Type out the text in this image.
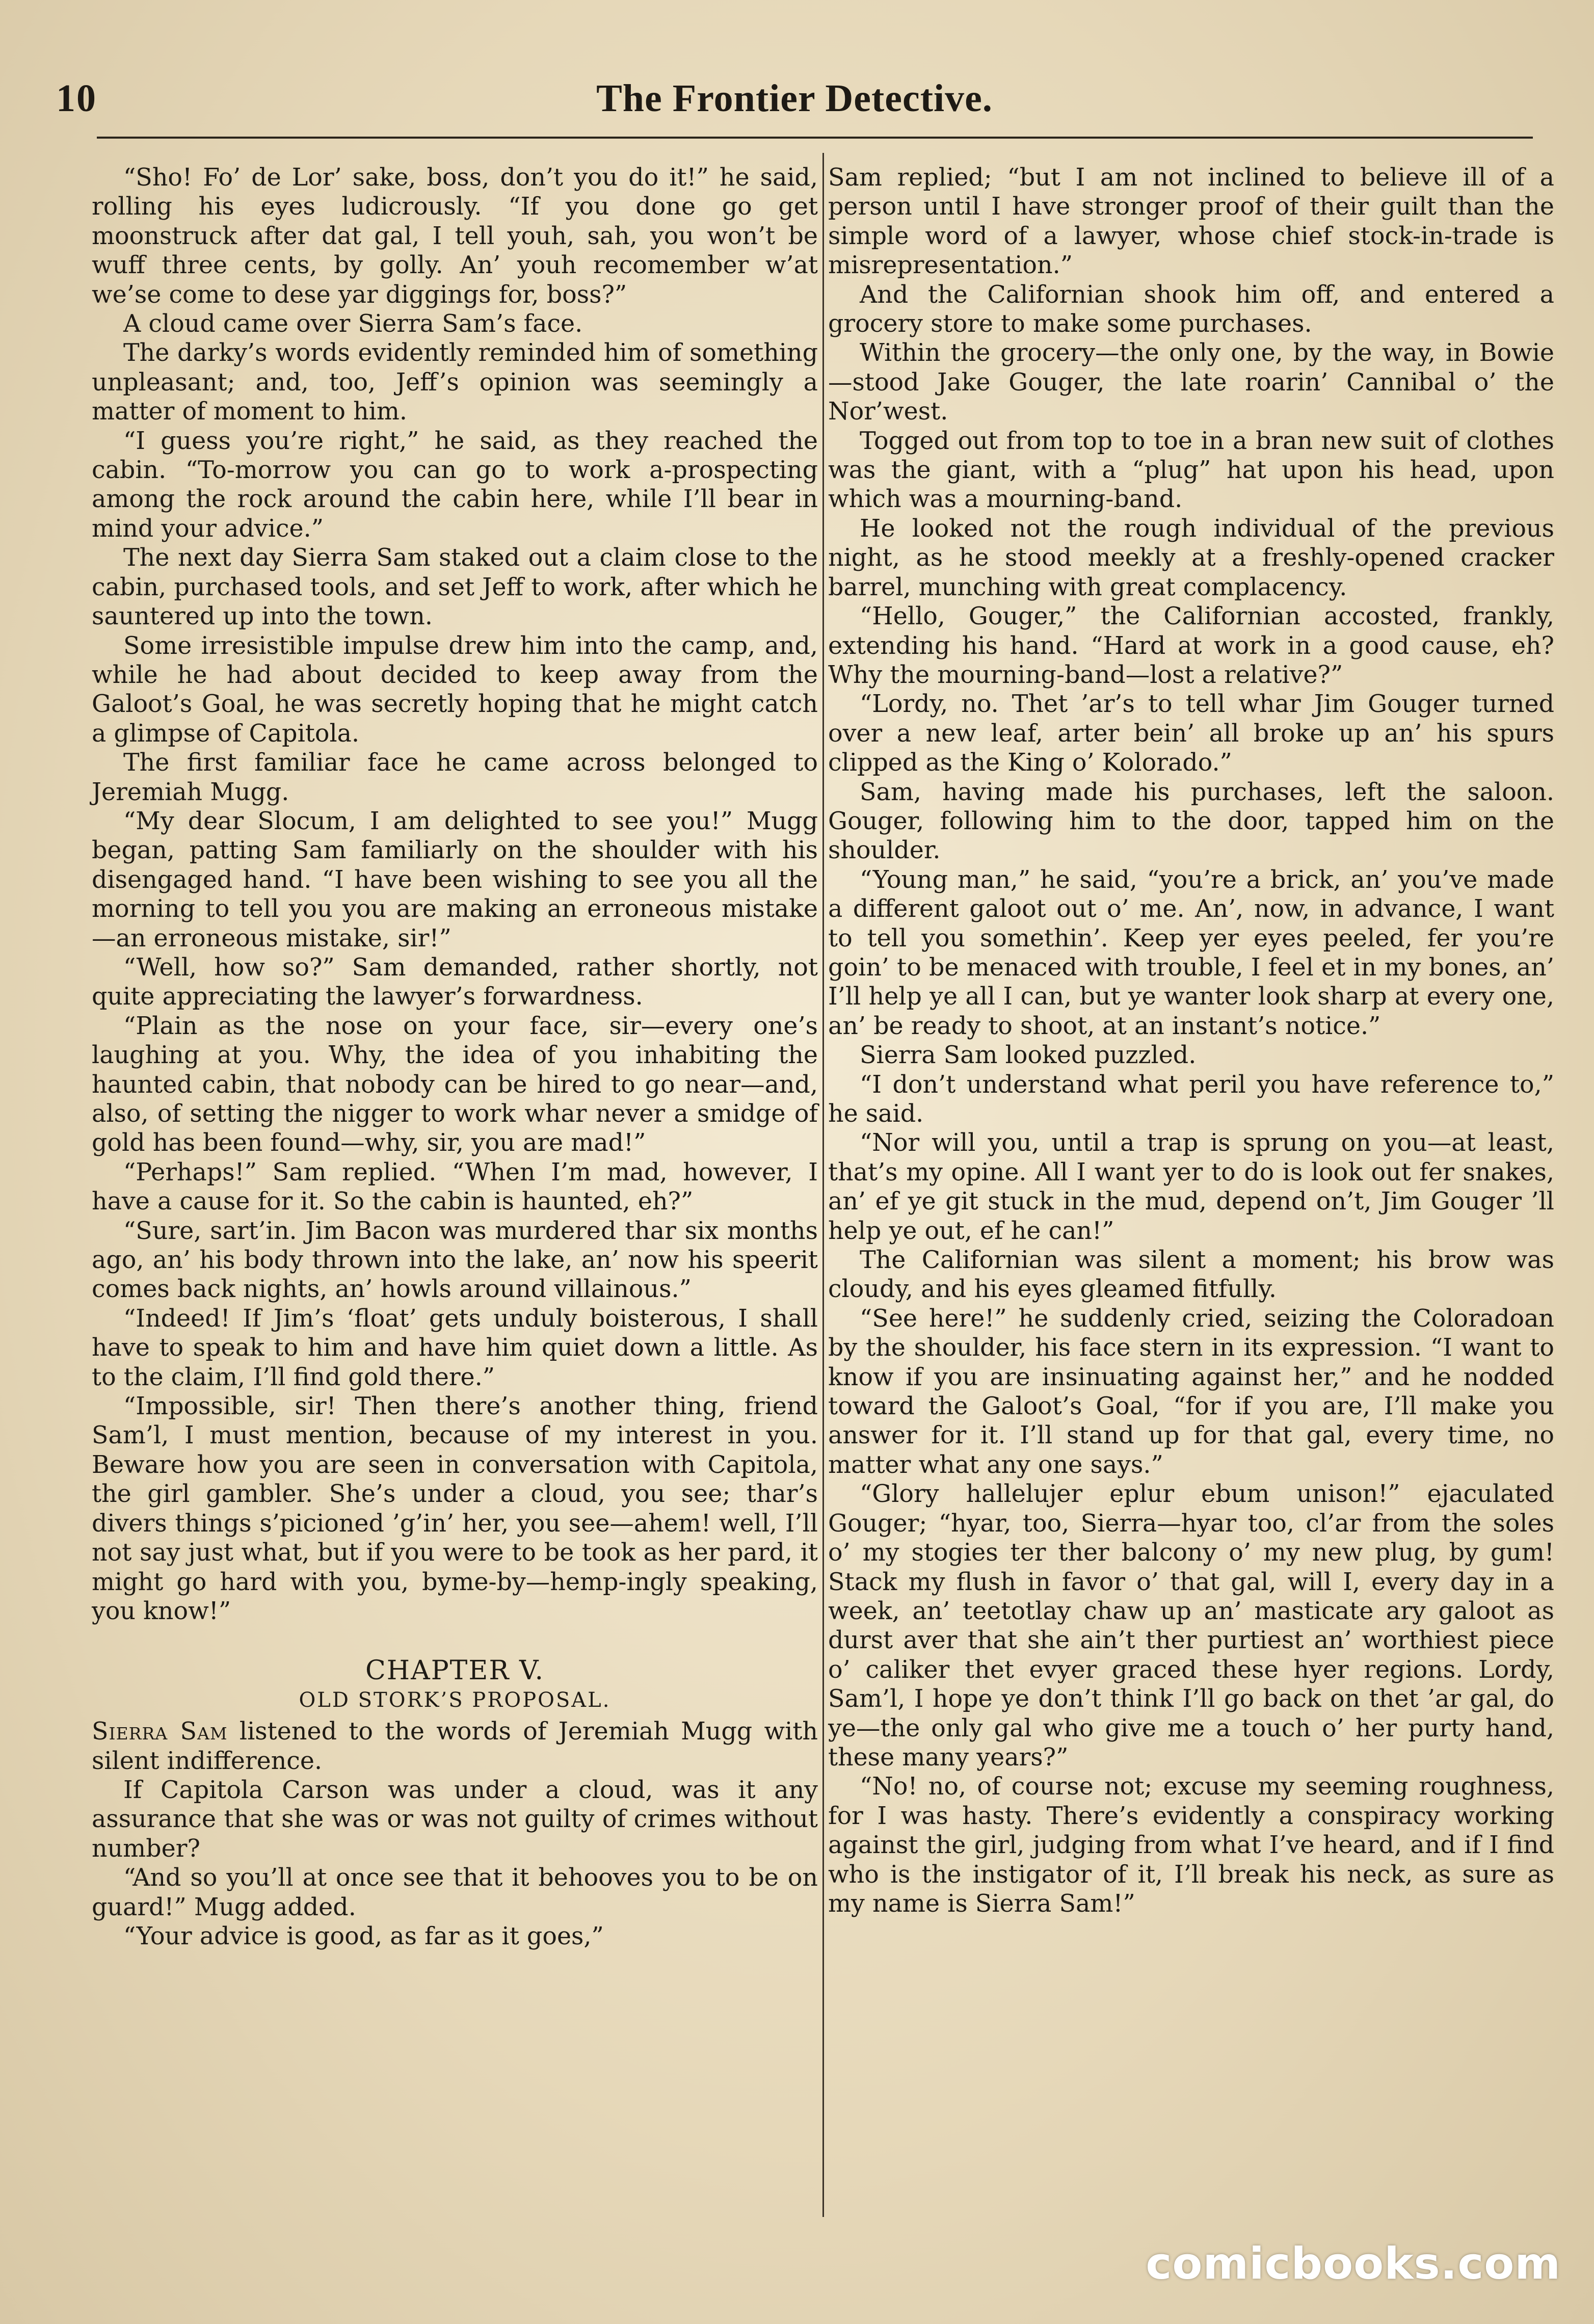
10	The Frontier Detective.

“Sho! Fo’ de Lor’ sake, boss, don’t you do it!” he said, rolling his eyes ludicrously. “If you done go get moonstruck after dat gal, I tell youh, sah, you won’t be wuff three cents, by golly. An’ youh recomember w’at we’se come to dese yar diggings for, boss?”

A cloud came over Sierra Sam’s face.

The darky’s words evidently reminded him of something unpleasant; and, too, Jeff’s opinion was seemingly a matter of moment to him.

“I guess you’re right,” he said, as they reached the cabin. “To-morrow you can go to work a-prospecting among the rock around the cabin here, while I’ll bear in mind your advice.”

The next day Sierra Sam staked out a claim close to the cabin, purchased tools, and set Jeff to work, after which he sauntered up into the town.

Some irresistible impulse drew him into the camp, and, while he had about decided to keep away from the Galoot’s Goal, he was secretly hoping that he might catch a glimpse of Capitola.

The first familiar face he came across belonged to Jeremiah Mugg.

“My dear Slocum, I am delighted to see you!” Mugg began, patting Sam familiarly on the shoulder with his disengaged hand. “I have been wishing to see you all the morning to tell you you are making an erroneous mistake—an erroneous mistake, sir!”

“Well, how so?” Sam demanded, rather shortly, not quite appreciating the lawyer’s forwardness.

“Plain as the nose on your face, sir—every one’s laughing at you. Why, the idea of you inhabiting the haunted cabin, that nobody can be hired to go near—and, also, of setting the nigger to work whar never a smidge of gold has been found—why, sir, you are mad!”

“Perhaps!” Sam replied. “When I’m mad, however, I have a cause for it. So the cabin is haunted, eh?”

“Sure, sart’in. Jim Bacon was murdered thar six months ago, an’ his body thrown into the lake, an’ now his speerit comes back nights, an’ howls around villainous.”

“Indeed! If Jim’s ‘float’ gets unduly boisterous, I shall have to speak to him and have him quiet down a little. As to the claim, I’ll find gold there.”

“Impossible, sir! Then there’s another thing, friend Sam’l, I must mention, because of my interest in you. Beware how you are seen in conversation with Capitola, the girl gambler. She’s under a cloud, you see; thar’s divers things s’picioned ’g’in’ her, you see—ahem! well, I’ll not say just what, but if you were to be took as her pard, it might go hard with you, byme-by—hemp-ingly speaking, you know!”

CHAPTER V.

OLD STORK’S PROPOSAL.

Sierra Sam listened to the words of Jeremiah Mugg with silent indifference.

If Capitola Carson was under a cloud, was it any assurance that she was or was not guilty of crimes without number?

“And so you’ll at once see that it behooves you to be on guard!” Mugg added.

“Your advice is good, as far as it goes,”

Sam replied; “but I am not inclined to believe ill of a person until I have stronger proof of their guilt than the simple word of a lawyer, whose chief stock-in-trade is misrepresentation.”

And the Californian shook him off, and entered a grocery store to make some purchases.

Within the grocery—the only one, by the way, in Bowie—stood Jake Gouger, the late roarin’ Cannibal o’ the Nor’west.

Togged out from top to toe in a bran new suit of clothes was the giant, with a “plug” hat upon his head, upon which was a mourning-band.

He looked not the rough individual of the previous night, as he stood meekly at a freshly-opened cracker barrel, munching with great complacency.

“Hello, Gouger,” the Californian accosted, frankly, extending his hand. “Hard at work in a good cause, eh? Why the mourning-band—lost a relative?”

“Lordy, no. Thet ’ar’s to tell whar Jim Gouger turned over a new leaf, arter bein’ all broke up an’ his spurs clipped as the King o’ Kolorado.”

Sam, having made his purchases, left the saloon. Gouger, following him to the door, tapped him on the shoulder.

“Young man,” he said, “you’re a brick, an’ you’ve made a different galoot out o’ me. An’, now, in advance, I want to tell you somethin’. Keep yer eyes peeled, fer you’re goin’ to be menaced with trouble, I feel et in my bones, an’ I’ll help ye all I can, but ye wanter look sharp at every one, an’ be ready to shoot, at an instant’s notice.”

Sierra Sam looked puzzled.

“I don’t understand what peril you have reference to,” he said.

“Nor will you, until a trap is sprung on you—at least, that’s my opine. All I want yer to do is look out fer snakes, an’ ef ye git stuck in the mud, depend on’t, Jim Gouger ’ll help ye out, ef he can!”

The Californian was silent a moment; his brow was cloudy, and his eyes gleamed fitfully.

“See here!” he suddenly cried, seizing the Coloradoan by the shoulder, his face stern in its expression. “I want to know if you are insinuating against her,” and he nodded toward the Galoot’s Goal, “for if you are, I’ll make you answer for it. I’ll stand up for that gal, every time, no matter what any one says.”

“Glory hallelujer eplur ebum unison!” ejaculated Gouger; “hyar, too, Sierra—hyar too, cl’ar from the soles o’ my stogies ter ther balcony o’ my new plug, by gum! Stack my flush in favor o’ that gal, will I, every day in a week, an’ teetotlay chaw up an’ masticate ary galoot as durst aver that she ain’t ther purtiest an’ worthiest piece o’ caliker thet evyer graced these hyer regions. Lordy, Sam’l, I hope ye don’t think I’ll go back on thet ’ar gal, do ye—the only gal who give me a touch o’ her purty hand, these many years?”

“No! no, of course not; excuse my seeming roughness, for I was hasty. There’s evidently a conspiracy working against the girl, judging from what I’ve heard, and if I find who is the instigator of it, I’ll break his neck, as sure as my name is Sierra Sam!”

comicbooks.com
